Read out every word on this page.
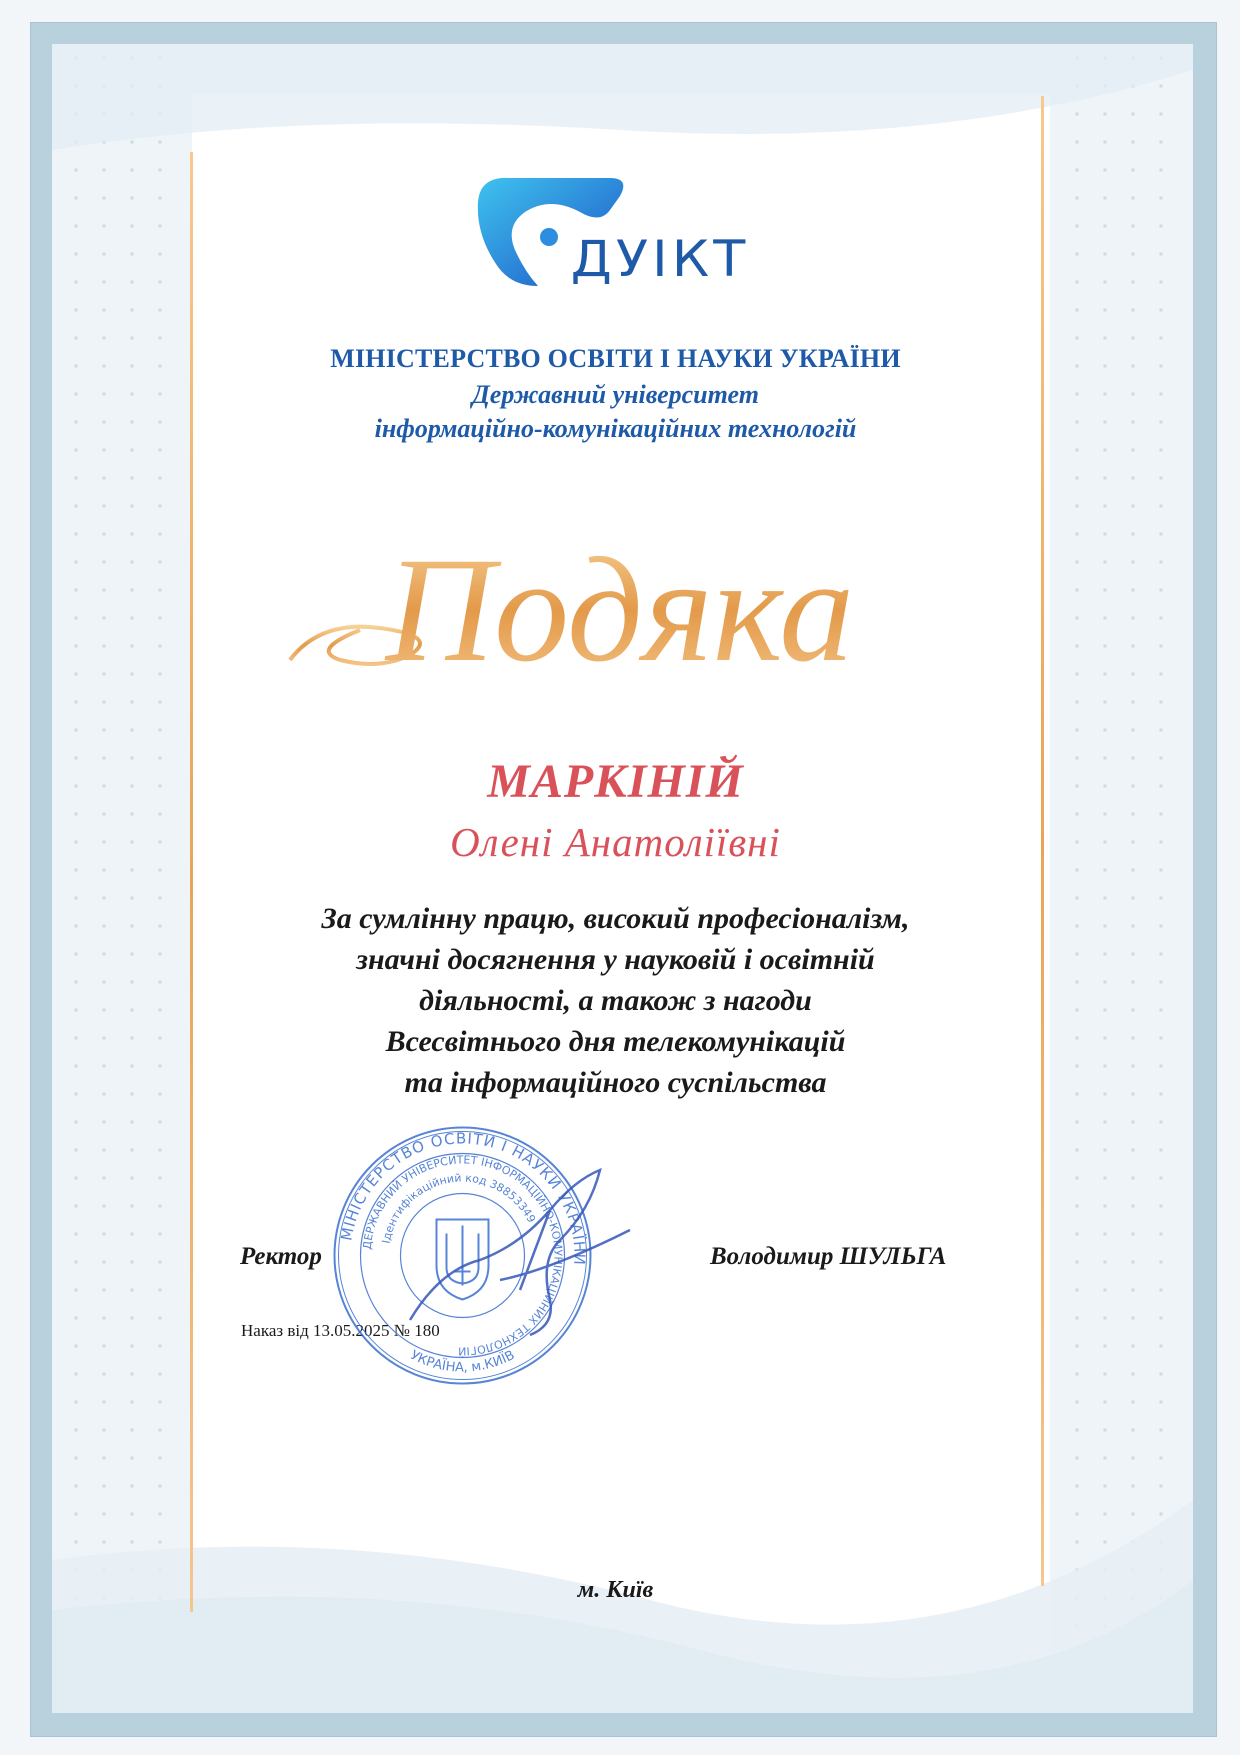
ДУІКТ
МІНІСТЕРСТВО ОСВІТИ І НАУКИ УКРАЇНИ
Державний університет
інформаційно-комунікаційних технологій
Подяка
МАРКІНІЙ
Олені Анатоліївні
За сумлінну працю, високий професіоналізм,
значні досягнення у науковій і освітній
діяльності, а також з нагоди
Всесвітнього дня телекомунікацій
та інформаційного суспільства
Ректор	Володимир ШУЛЬГА
Наказ від 13.05.2025 № 180
МІНІСТЕРСТВО ОСВІТИ І НАУКИ УКРАЇНИ
ДЕРЖАВНИЙ УНІВЕРСИТЕТ ІНФОРМАЦІЙНО-КОМУНІКАЦІЙНИХ ТЕХНОЛОГІЙ
Ідентифікаційний код 38853349
УКРАЇНА, м.КИЇВ
м. Київ
